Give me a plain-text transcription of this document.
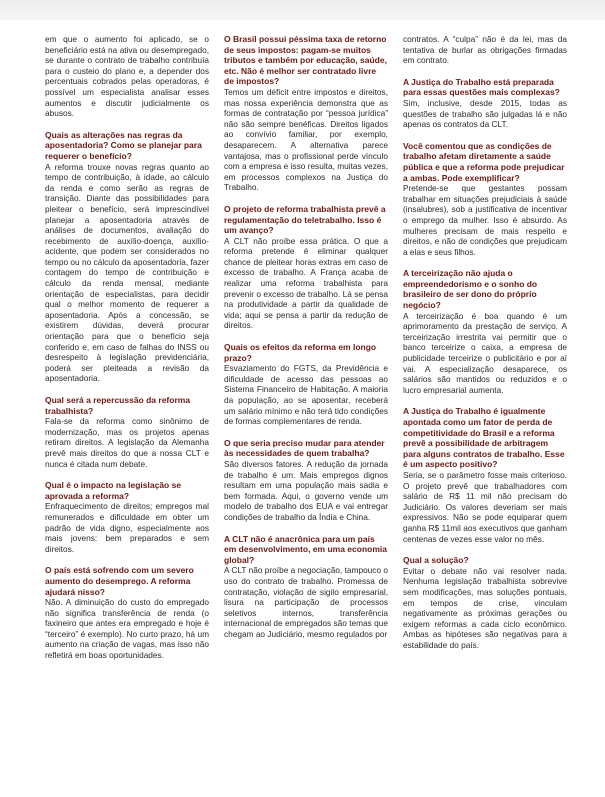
em que o aumento foi aplicado, se o beneficiário está na ativa ou desempregado, se durante o contrato de trabalho contribuía para o custeio do plano e, a depender dos percentuais cobrados pelas operadoras, é possível um especialista analisar esses aumentos e discutir judicialmente os abusos.

Quais as alterações nas regras da aposentadoria? Como se planejar para requerer o benefício?

A reforma trouxe novas regras quanto ao tempo de contribuição, à idade, ao cálculo da renda e como serão as regras de transição. Diante das possibilidades para pleitear o benefício, será imprescindível planejar a aposentadoria através de análises de documentos, avaliação do recebimento de auxílio-doença, auxílio-acidente, que podem ser considerados no tempo ou no cálculo da aposentadoria, fazer contagem do tempo de contribuição e cálculo da renda mensal, mediante orientação de especialistas, para decidir qual o melhor momento de requerer a aposentadoria. Após a concessão, se existirem dúvidas, deverá procurar orientação para que o benefício seja conferido e, em caso de falhas do INSS ou desrespeito à legislação previdenciária, poderá ser pleiteada a revisão da aposentadoria.

Qual será a repercussão da reforma trabalhista?

Fala-se da reforma como sinônimo de modernização, mas os projetos apenas retiram direitos. A legislação da Alemanha prevê mais direitos do que a nossa CLT e nunca é citada num debate.

Qual é o impacto na legislação se aprovada a reforma?

Enfraquecimento de direitos; empregos mal remunerados e dificuldade em obter um padrão de vida digno, especialmente aos mais jovens: bem preparados e sem direitos.

O país está sofrendo com um severo aumento do desemprego. A reforma ajudará nisso?

Não. A diminuição do custo do empregado não significa transferência de renda (o faxineiro que antes era empregado e hoje é “terceiro” é exemplo). No curto prazo, há um aumento na criação de vagas, mas isso não refletirá em boas oportunidades.

O Brasil possui péssima taxa de retorno de seus impostos: pagam-se muitos tributos e também por educação, saúde, etc. Não é melhor ser contratado livre de impostos?

Temos um déficit entre impostos e direitos, mas nossa experiência demonstra que as formas de contratação por “pessoa jurídica” não são sempre benéficas. Direitos ligados ao convívio familiar, por exemplo, desaparecem. A alternativa parece vantajosa, mas o profissional perde vínculo com a empresa e isso resulta, muitas vezes, em processos complexos na Justiça do Trabalho.

O projeto de reforma trabalhista prevê a regulamentação do teletrabalho. Isso é um avanço?

A CLT não proíbe essa prática. O que a reforma pretende é eliminar qualquer chance de pleitear horas extras em caso de excesso de trabalho. A França acaba de realizar uma reforma trabalhista para prevenir o excesso de trabalho. Lá se pensa na produtividade a partir da qualidade de vida; aqui se pensa a partir da redução de direitos.

Quais os efeitos da reforma em longo prazo?

Esvaziamento do FGTS, da Previdência e dificuldade de acesso das pessoas ao Sistema Financeiro de Habitação. A maioria da população, ao se aposentar, receberá um salário mínimo e não terá tido condições de formas complementares de renda.

O que seria preciso mudar para atender às necessidades de quem trabalha?

São diversos fatores. A redução da jornada de trabalho é um. Mais empregos dignos resultam em uma população mais sadia e bem formada. Aqui, o governo vende um modelo de trabalho dos EUA e vai entregar condições de trabalho da Índia e China.

A CLT não é anacrônica para um país em desenvolvimento, em uma economia global?

A CLT não proíbe a negociação, tampouco o uso do contrato de trabalho. Promessa de contratação, violação de sigilo empresarial, lisura na participação de processos seletivos internos, transferência internacional de empregados são temas que chegam ao Judiciário, mesmo regulados por

contratos. A “culpa” não é da lei, mas da tentativa de burlar as obrigações firmadas em contrato.

A Justiça do Trabalho está preparada para essas questões mais complexas?

Sim, inclusive, desde 2015, todas as questões de trabalho são julgadas lá e não apenas os contratos da CLT.

Você comentou que as condições de trabalho afetam diretamente a saúde pública e que a reforma pode prejudicar a ambas. Pode exemplificar?

Pretende-se que gestantes possam trabalhar em situações prejudiciais à saúde (insalubres), sob a justificativa de incentivar o emprego da mulher. Isso é absurdo. As mulheres precisam de mais respeito e direitos, e não de condições que prejudicam a elas e seus filhos.

A terceirização não ajuda o empreendedorismo e o sonho do brasileiro de ser dono do próprio negócio?

A terceirização é boa quando é um aprimoramento da prestação de serviço. A terceirização irrestrita vai permitir que o banco terceirize o caixa, a empresa de publicidade terceirize o publicitário e por aí vai. A especialização desaparece, os salários são mantidos ou reduzidos e o lucro empresarial aumenta.

A Justiça do Trabalho é igualmente apontada como um fator de perda de competitividade do Brasil e a reforma prevê a possibilidade de arbitragem para alguns contratos de trabalho. Esse é um aspecto positivo?

Seria, se o parâmetro fosse mais criterioso. O projeto prevê que trabalhadores com salário de R$ 11 mil não precisam do Judiciário. Os valores deveriam ser mais expressivos. Não se pode equiparar quem ganha R$ 11mil aos executivos que ganham centenas de vezes esse valor no mês.

Qual a solução?

Evitar o debate não vai resolver nada. Nenhuma legislação trabalhista sobrevive sem modificações, mas soluções pontuais, em tempos de crise, vinculam negativamente as próximas gerações ou exigem reformas a cada ciclo econômico. Ambas as hipóteses são negativas para a estabilidade do país.
